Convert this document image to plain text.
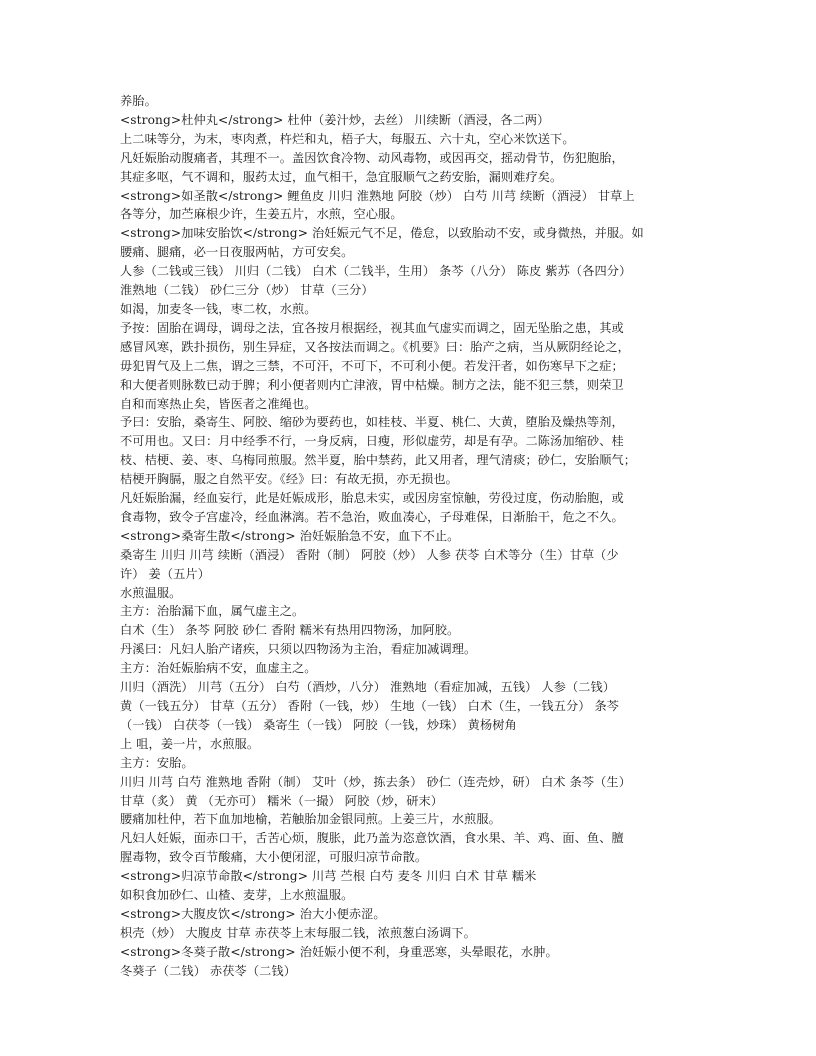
养胎。
<strong>杜仲丸</strong> 杜仲（姜汁炒，去丝） 川续断（酒浸，各二两）
上二味等分，为末，枣肉煮，杵烂和丸，梧子大，每服五、六十丸，空心米饮送下。
凡妊娠胎动腹痛者，其理不一。盖因饮食冷物、动风毒物，或因再交，摇动骨节，伤犯胞胎，
其症多呕，气不调和，服药太过，血气相干，急宜服顺气之药安胎，漏则难疗矣。
<strong>如圣散</strong> 鲤鱼皮 川归 淮熟地 阿胶（炒） 白芍 川芎 续断（酒浸） 甘草上
各等分，加苎麻根少许，生姜五片，水煎，空心服。
<strong>加味安胎饮</strong> 治妊娠元气不足，倦怠，以致胎动不安，或身微热，并服。如
腰痛、腿痛，必一日夜服两帖，方可安矣。
人参（二钱或三钱） 川归（二钱） 白术（二钱半，生用） 条芩（八分） 陈皮 紫苏（各四分）
淮熟地（二钱） 砂仁三分（炒） 甘草（三分）
如渴，加麦冬一钱，枣二枚，水煎。
予按：固胎在调母，调母之法，宜各按月根据经，视其血气虚实而调之，固无坠胎之患，其或
感冒风寒，跌扑损伤，别生异症，又各按法而调之。《机要》曰：胎产之病，当从厥阴经论之，
毋犯胃气及上二焦，谓之三禁，不可汗，不可下，不可利小便。若发汗者，如伤寒早下之症；
和大便者则脉数已动于脾；利小便者则内亡津液，胃中枯燥。制方之法，能不犯三禁，则荣卫
自和而寒热止矣，皆医者之准绳也。
予曰：安胎，桑寄生、阿胶、缩砂为要药也，如桂枝、半夏、桃仁、大黄，堕胎及燥热等剂，
不可用也。又曰：月中经季不行，一身反病，日瘦，形似虚劳，却是有孕。二陈汤加缩砂、桂
枝、桔梗、姜、枣、乌梅同煎服。然半夏，胎中禁药，此又用者，理气清痰；砂仁，安胎顺气；
桔梗开胸膈，服之自然平安。《经》曰：有故无损，亦无损也。
凡妊娠胎漏，经血妄行，此是妊娠成形，胎息未实，或因房室惊触，劳役过度，伤动胎胞，或
食毒物，致令子宫虚冷，经血淋漓。若不急治，败血凑心，子母难保，日渐胎干，危之不久。
<strong>桑寄生散</strong> 治妊娠胎急不安，血下不止。
桑寄生 川归 川芎 续断（酒浸） 香附（制） 阿胶（炒） 人参 茯苓 白术等分（生）甘草（少
许） 姜（五片）
水煎温服。
主方：治胎漏下血，属气虚主之。
白术（生） 条芩 阿胶 砂仁 香附 糯米有热用四物汤，加阿胶。
丹溪曰：凡妇人胎产诸疾，只须以四物汤为主治，看症加减调理。
主方：治妊娠胎病不安，血虚主之。
川归（酒洗） 川芎（五分） 白芍（酒炒，八分） 淮熟地（看症加减，五钱） 人参（二钱）
黄（一钱五分） 甘草（五分） 香附（一钱，炒） 生地（一钱） 白术（生，一钱五分） 条芩
（一钱） 白茯苓（一钱） 桑寄生（一钱） 阿胶（一钱，炒珠） 黄杨树角
上 咀，姜一片，水煎服。
主方：安胎。
川归 川芎 白芍 淮熟地 香附（制） 艾叶（炒，拣去条） 砂仁（连壳炒，研） 白术 条芩（生）
甘草（炙） 黄 （无亦可） 糯米（一撮） 阿胶（炒，研末）
腰痛加杜仲，若下血加地榆，若触胎加金银同煎。上姜三片，水煎服。
凡妇人妊娠，面赤口干，舌苦心烦，腹胀，此乃盖为恣意饮酒，食水果、羊、鸡、面、鱼、膻
腥毒物，致令百节酸痛，大小便闭涩，可服归凉节命散。
<strong>归凉节命散</strong> 川芎 苎根 白芍 麦冬 川归 白术 甘草 糯米
如积食加砂仁、山楂、麦芽，上水煎温服。
<strong>大腹皮饮</strong> 治大小便赤涩。
枳壳（炒） 大腹皮 甘草 赤茯苓上末每服二钱，浓煎葱白汤调下。
<strong>冬葵子散</strong> 治妊娠小便不利，身重恶寒，头晕眼花，水肿。
冬葵子（二钱） 赤茯苓（二钱）
